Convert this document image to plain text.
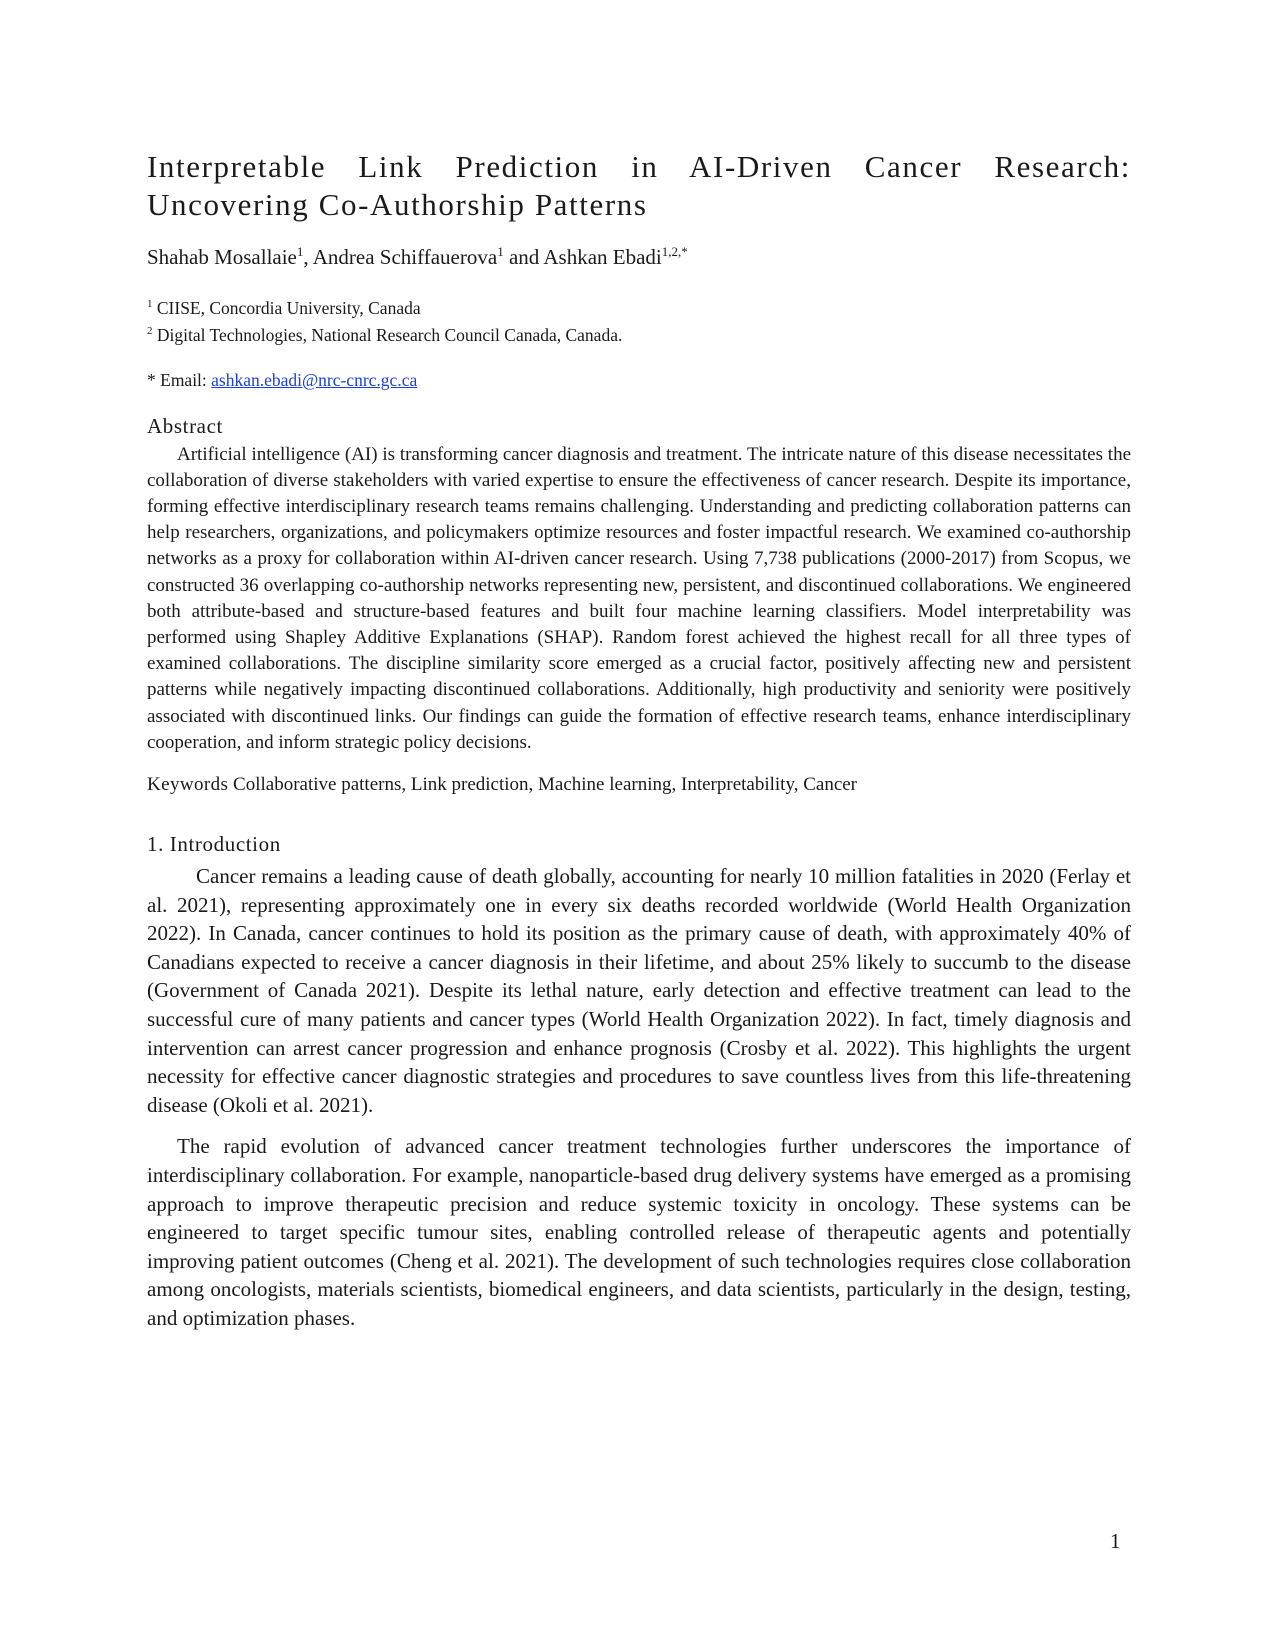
Interpretable Link Prediction in AI-Driven Cancer Research: Uncovering Co-Authorship Patterns
Shahab Mosallaie$^1$, Andrea Schiffauerova$^1$ and Ashkan Ebadi$^{1,2,*}$
$^1$ CIISE, Concordia University, Canada
$^2$ Digital Technologies, National Research Council Canada, Canada.
* Email: ashkan.ebadi@nrc-cnrc.gc.ca
Abstract

Artificial intelligence (AI) is transforming cancer diagnosis and treatment. The intricate nature of this disease necessitates the collaboration of diverse stakeholders with varied expertise to ensure the effectiveness of cancer research. Despite its importance, forming effective interdisciplinary research teams remains challenging. Understanding and predicting collaboration patterns can help researchers, organizations, and policymakers optimize resources and foster impactful research. We examined co-authorship networks as a proxy for collaboration within AI-driven cancer research. Using 7,738 publications (2000-2017) from Scopus, we constructed 36 overlapping co-authorship networks representing new, persistent, and discontinued collaborations. We engineered both attribute-based and structure-based features and built four machine learning classifiers. Model interpretability was performed using Shapley Additive Explanations (SHAP). Random forest achieved the highest recall for all three types of examined collaborations. The discipline similarity score emerged as a crucial factor, positively affecting new and persistent patterns while negatively impacting discontinued collaborations. Additionally, high productivity and seniority were positively associated with discontinued links. Our findings can guide the formation of effective research teams, enhance interdisciplinary cooperation, and inform strategic policy decisions.

Keywords Collaborative patterns, Link prediction, Machine learning, Interpretability, Cancer
1. Introduction

Cancer remains a leading cause of death globally, accounting for nearly 10 million fatalities in 2020 (Ferlay et al. 2021), representing approximately one in every six deaths recorded worldwide (World Health Organization 2022). In Canada, cancer continues to hold its position as the primary cause of death, with approximately 40% of Canadians expected to receive a cancer diagnosis in their lifetime, and about 25% likely to succumb to the disease (Government of Canada 2021). Despite its lethal nature, early detection and effective treatment can lead to the successful cure of many patients and cancer types (World Health Organization 2022). In fact, timely diagnosis and intervention can arrest cancer progression and enhance prognosis (Crosby et al. 2022). This highlights the urgent necessity for effective cancer diagnostic strategies and procedures to save countless lives from this life-threatening disease (Okoli et al. 2021).

The rapid evolution of advanced cancer treatment technologies further underscores the importance of interdisciplinary collaboration. For example, nanoparticle-based drug delivery systems have emerged as a promising approach to improve therapeutic precision and reduce systemic toxicity in oncology. These systems can be engineered to target specific tumour sites, enabling controlled release of therapeutic agents and potentially improving patient outcomes (Cheng et al. 2021). The development of such technologies requires close collaboration among oncologists, materials scientists, biomedical engineers, and data scientists, particularly in the design, testing, and optimization phases.

1
